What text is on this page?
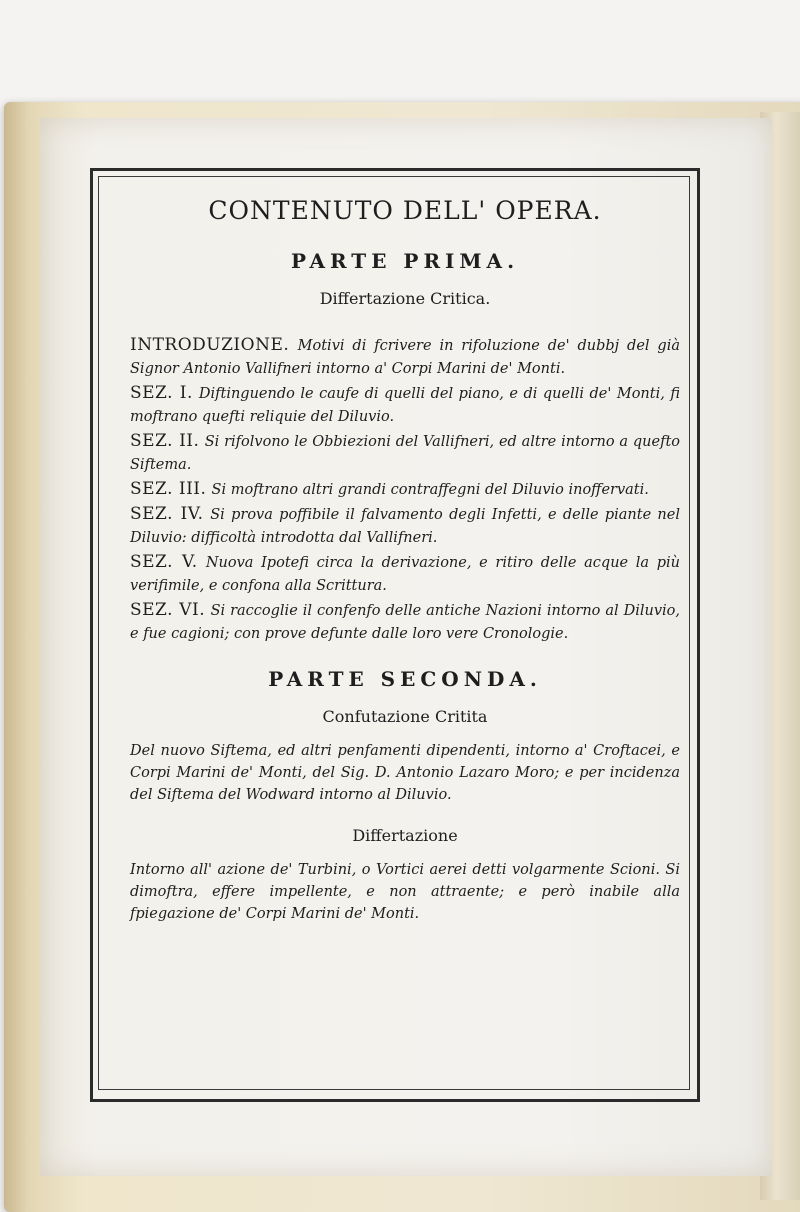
CONTENUTO DELL' OPERA.
PARTE PRIMA.
Differtazione Critica.
INTRODUZIONE. Motivi di fcrivere in rifoluzione de' dubbj del già Signor Antonio Vallifneri intorno a' Corpi Marini de' Monti.
SEZ. I. Diftinguendo le caufe di quelli del piano, e di quelli de' Monti, fi moftrano quefti reliquie del Diluvio.
SEZ. II. Si rifolvono le Obbiezioni del Vallifneri, ed altre intorno a quefto Siftema.
SEZ. III. Si moftrano altri grandi contraffegni del Diluvio inoffervati.
SEZ. IV. Si prova poffibile il falvamento degli Infetti, e delle piante nel Diluvio: difficoltà introdotta dal Vallifneri.
SEZ. V. Nuova Ipotefi circa la derivazione, e ritiro delle acque la più verifimile, e confona alla Scrittura.
SEZ. VI. Si raccoglie il confenfo delle antiche Nazioni intorno al Diluvio, e fue cagioni; con prove defunte dalle loro vere Cronologie.
PARTE SECONDA.
Confutazione Critita
Del nuovo Siftema, ed altri penfamenti dipendenti, intorno a' Croftacei, e Corpi Marini de' Monti, del Sig. D. Antonio Lazaro Moro; e per incidenza del Siftema del Wodward intorno al Diluvio.
Differtazione
Intorno all' azione de' Turbini, o Vortici aerei detti volgarmente Scioni. Si dimoftra, effere impellente, e non attraente; e però inabile alla fpiegazione de' Corpi Marini de' Monti.
